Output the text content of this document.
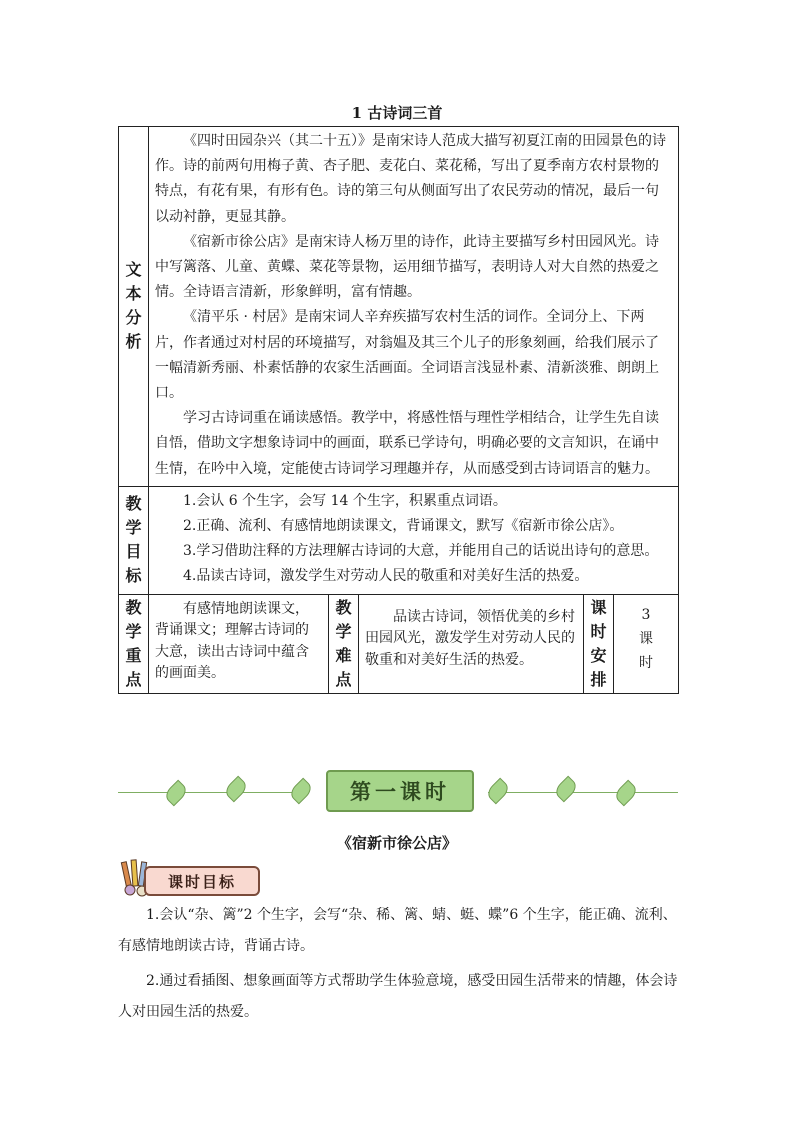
1 古诗词三首
文本分析	《四时田园杂兴（其二十五）》是南宋诗人范成大描写初夏江南的田园景色的诗作。诗的前两句用梅子黄、杏子肥、麦花白、菜花稀，写出了夏季南方农村景物的特点，有花有果，有形有色。诗的第三句从侧面写出了农民劳动的情况，最后一句以动衬静，更显其静。

《宿新市徐公店》是南宋诗人杨万里的诗作，此诗主要描写乡村田园风光。诗中写篱落、儿童、黄蝶、菜花等景物，运用细节描写，表明诗人对大自然的热爱之情。全诗语言清新，形象鲜明，富有情趣。

《清平乐 · 村居》是南宋词人辛弃疾描写农村生活的词作。全词分上、下两片，作者通过对村居的环境描写，对翁媪及其三个儿子的形象刻画，给我们展示了一幅清新秀丽、朴素恬静的农家生活画面。全词语言浅显朴素、清新淡雅、朗朗上口。

学习古诗词重在诵读感悟。教学中，将感性悟与理性学相结合，让学生先自读自悟，借助文字想象诗词中的画面，联系已学诗句，明确必要的文言知识，在诵中生情，在吟中入境，定能使古诗词学习理趣并存，从而感受到古诗词语言的魅力。				

教学目标	1.会认 6 个生字，会写 14 个生字，积累重点词语。

2.正确、流利、有感情地朗读课文，背诵课文，默写《宿新市徐公店》。

3.学习借助注释的方法理解古诗词的大意，并能用自己的话说出诗句的意思。

4.品读古诗词，激发学生对劳动人民的敬重和对美好生活的热爱。				

教学重点	有感情地朗读课文，背诵课文；理解古诗词的大意，读出古诗词中蕴含的画面美。	教学难点	品读古诗词，领悟优美的乡村田园风光，激发学生对劳动人民的敬重和对美好生活的热爱。	课时安排	3课时
第一课时
《宿新市徐公店》
课时目标

1.会认“杂、篱”2 个生字，会写“杂、稀、篱、蜻、蜓、蝶”6 个生字，能正确、流利、有感情地朗读古诗，背诵古诗。

2.通过看插图、想象画面等方式帮助学生体验意境，感受田园生活带来的情趣，体会诗人对田园生活的热爱。
